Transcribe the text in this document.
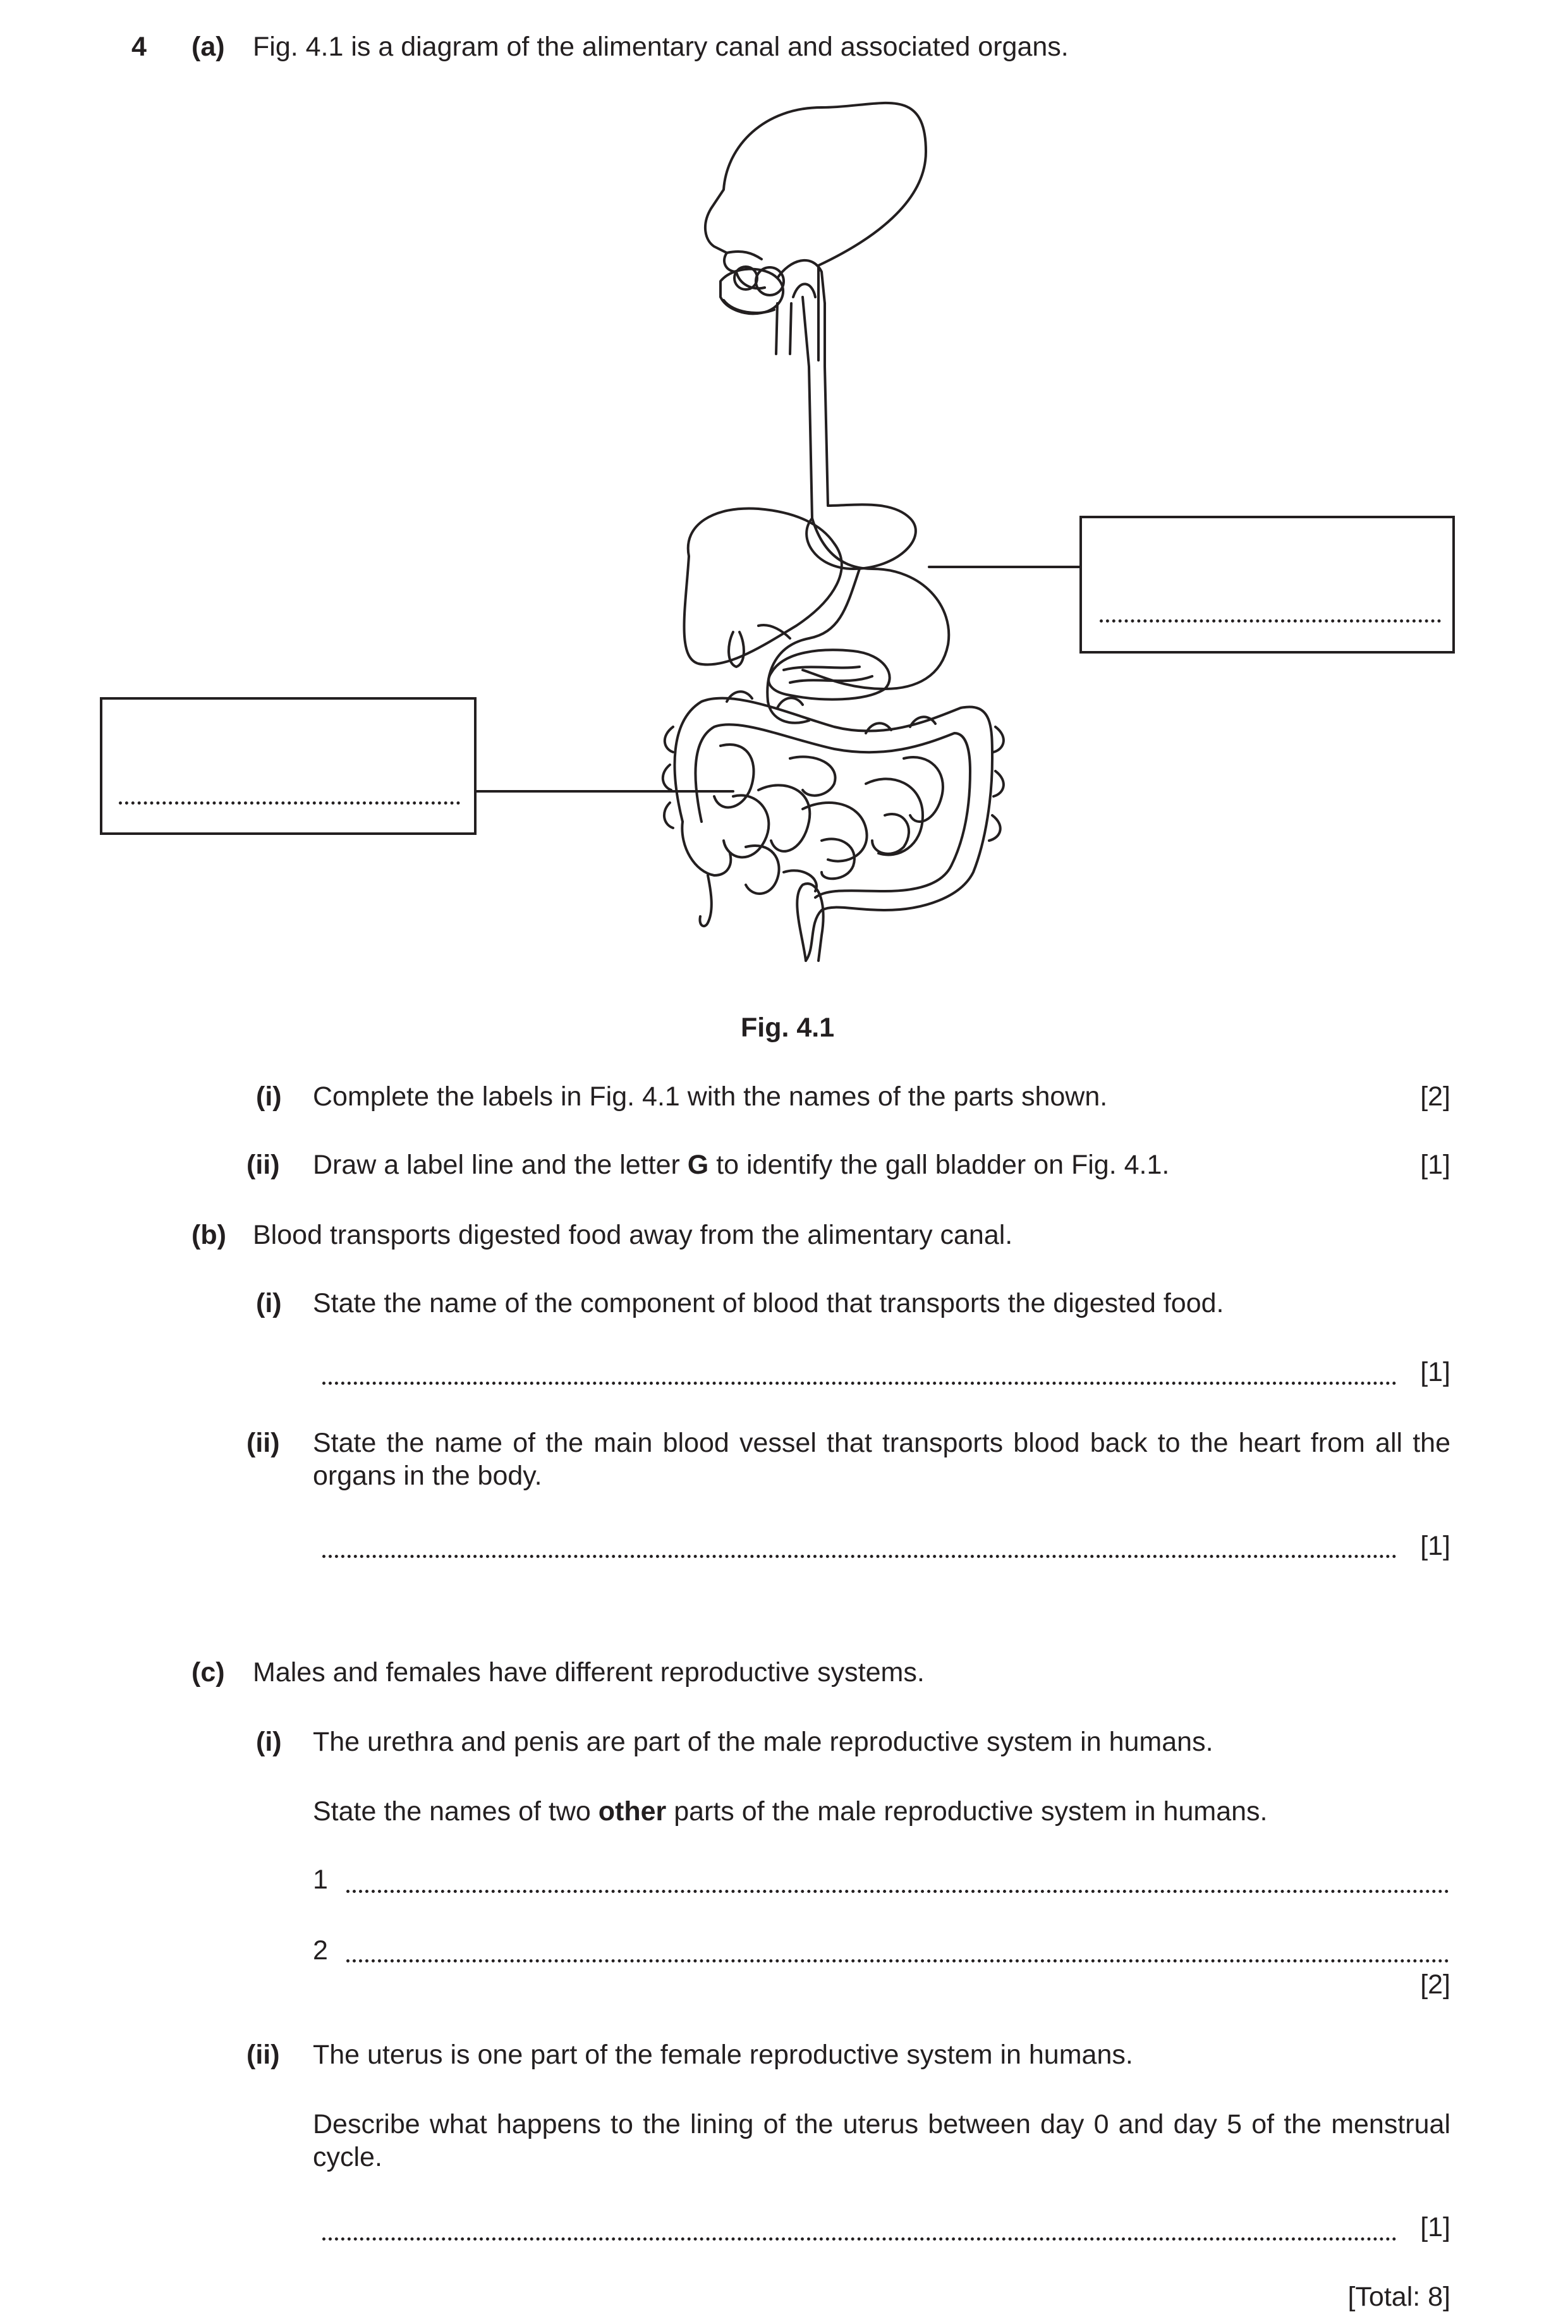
4 (a) Fig. 4.1 is a diagram of the alimentary canal and associated organs.
Fig. 4.1
(i) Complete the labels in Fig. 4.1 with the names of the parts shown.	[2]
(ii) Draw a label line and the letter G to identify the gall bladder on Fig. 4.1.	[1]
(b) Blood transports digested food away from the alimentary canal.
(i) State the name of the component of blood that transports the digested food.
[1]
(ii) State the name of the main blood vessel that transports blood back to the heart from all the organs in the body.
[1]
(c) Males and females have different reproductive systems.
(i) The urethra and penis are part of the male reproductive system in humans.
State the names of two other parts of the male reproductive system in humans.
1
2
[2]
(ii) The uterus is one part of the female reproductive system in humans.
Describe what happens to the lining of the uterus between day 0 and day 5 of the menstrual cycle.
[1]
[Total: 8]
